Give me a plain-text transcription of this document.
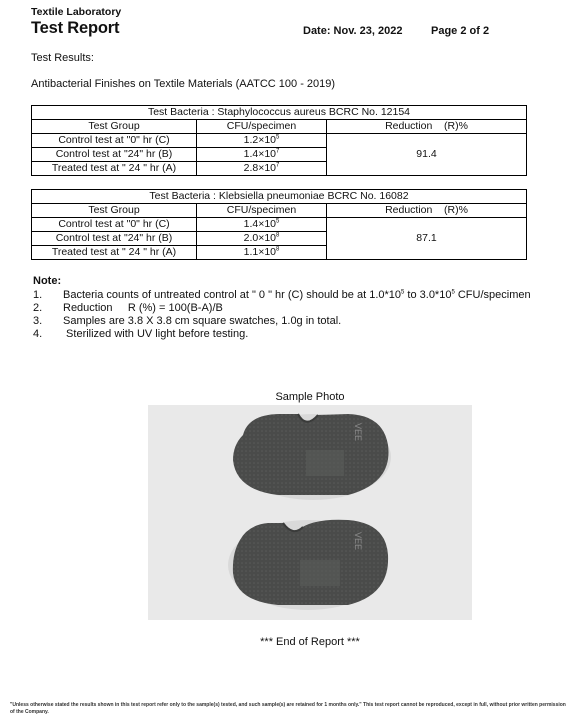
Textile Laboratory
Test Report	Date: Nov. 23, 2022	Page 2 of 2
Test Results:
Antibacterial Finishes on Textile Materials (AATCC 100 - 2019)
Test Bacteria : Staphylococcus aureus BCRC No. 12154		
Test Group	CFU/specimen	Reduction    (R)%
Control test at "0" hr (C)	$1.2\times 10^5$	91.4
Control test at "24" hr (B)	$1.4\times 10^7$
Treated test at " 24 " hr (A)	$2.8\times 10^7$
Test Bacteria : Klebsiella pneumoniae BCRC No. 16082		
Test Group	CFU/specimen	Reduction    (R)%
Control test at "0" hr (C)	$1.4\times 10^5$	87.1
Control test at "24" hr (B)	$2.0\times 10^8$
Treated test at " 24 " hr (A)	$1.1\times 10^8$
Note:
1. Bacteria counts of untreated control at " 0 " hr (C) should be at $1.0*10^5$ to $3.0*10^5$ CFU/specimen
2. Reduction     R (%) = 100(B-A)/B
3. Samples are 3.8 X 3.8 cm square swatches, 1.0g in total.
4. Sterilized with UV light before testing.
Sample Photo
VEE
VEE
*** End of Report ***
"Unless otherwise stated the results shown in this test report refer only to the sample(s) tested, and such sample(s) are retained for 1 months only." This test report cannot be reproduced, except in full, without prior written permission of the Company.
